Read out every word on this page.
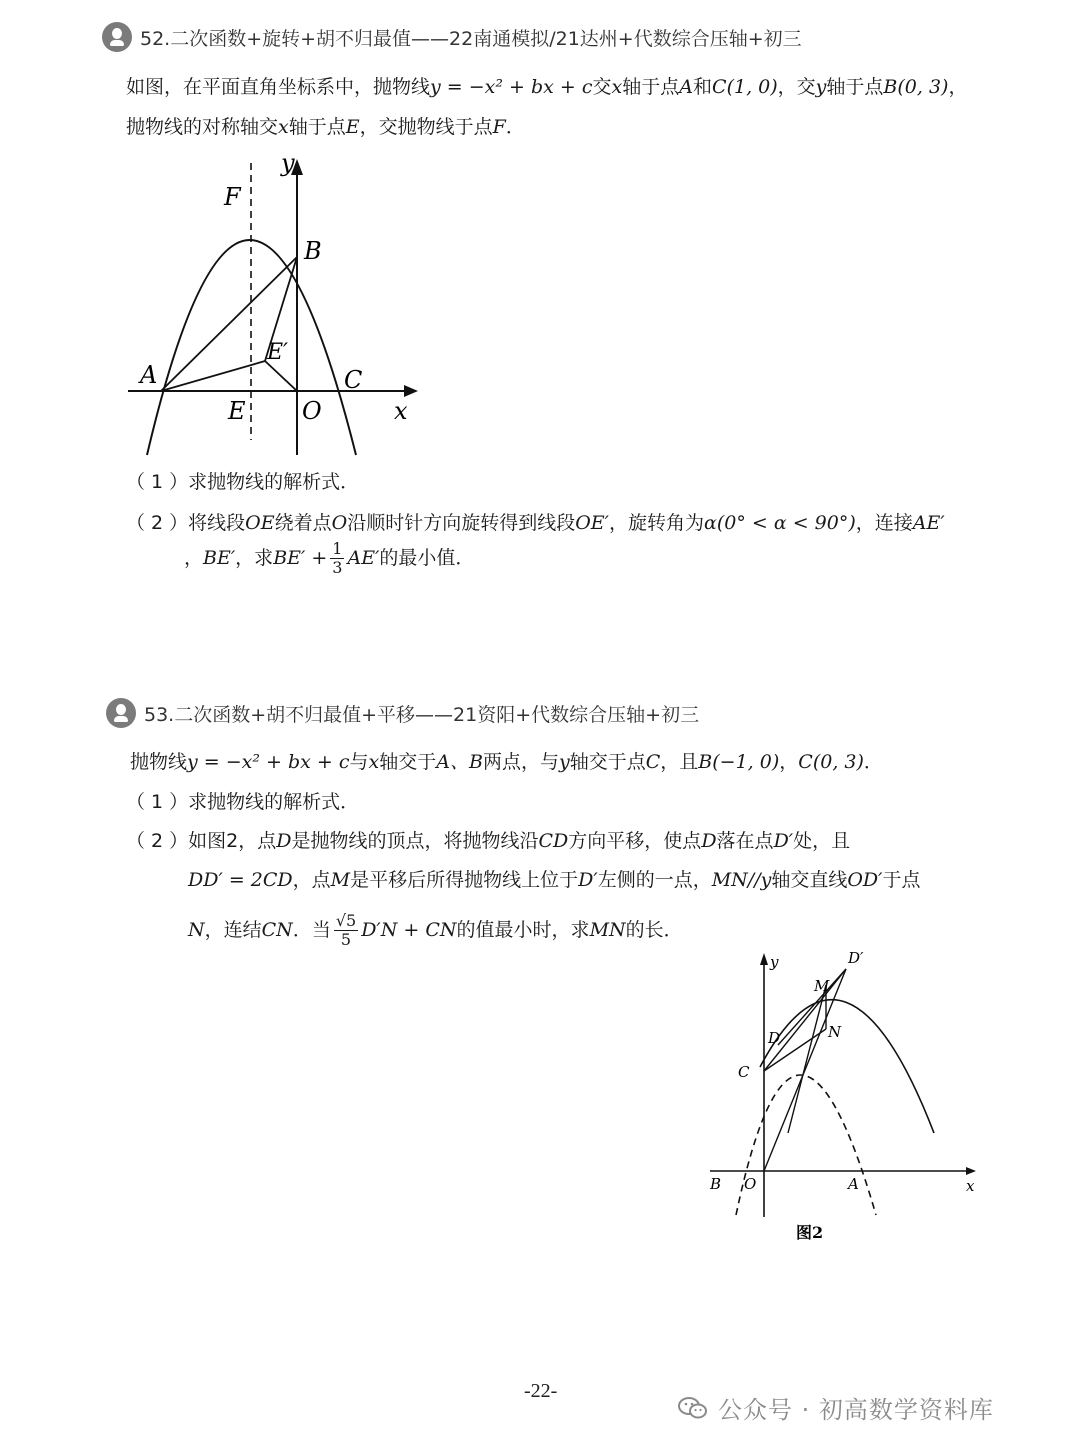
52.二次函数+旋转+胡不归最值——22南通模拟/21达州+代数综合压轴+初三
如图，在平面直角坐标系中，抛物线y = −x² + bx + c交x轴于点A和C(1, 0)，交y轴于点B(0, 3)，
抛物线的对称轴交x轴于点E，交抛物线于点F．
y
x
F
B
A	C
E O
E′
（ 1 ）求抛物线的解析式．
（ 2 ）将线段OE绕着点O沿顺时针方向旋转得到线段OE′，旋转角为α(0° < α < 90°)，连接AE′
，BE′，求$BE' + \frac{1}{3} AE'$的最小值．
53.二次函数+胡不归最值+平移——21资阳+代数综合压轴+初三
抛物线y = −x² + bx + c与x轴交于A、B两点，与y轴交于点C，且B(−1, 0)，C(0, 3)．
（ 1 ）求抛物线的解析式．
（ 2 ）如图2，点D是抛物线的顶点，将抛物线沿CD方向平移，使点D落在点D′处，且
DD′ = 2CD，点M是平移后所得抛物线上位于D′左侧的一点，MN//y轴交直线OD′于点
N，连结CN．当 $\frac{√5}{5} D'N$ + CN的值最小时，求MN的长．
y
x
D′
M
N
D
C
B O	A
图2
-22-
公众号 · 初高数学资料库
